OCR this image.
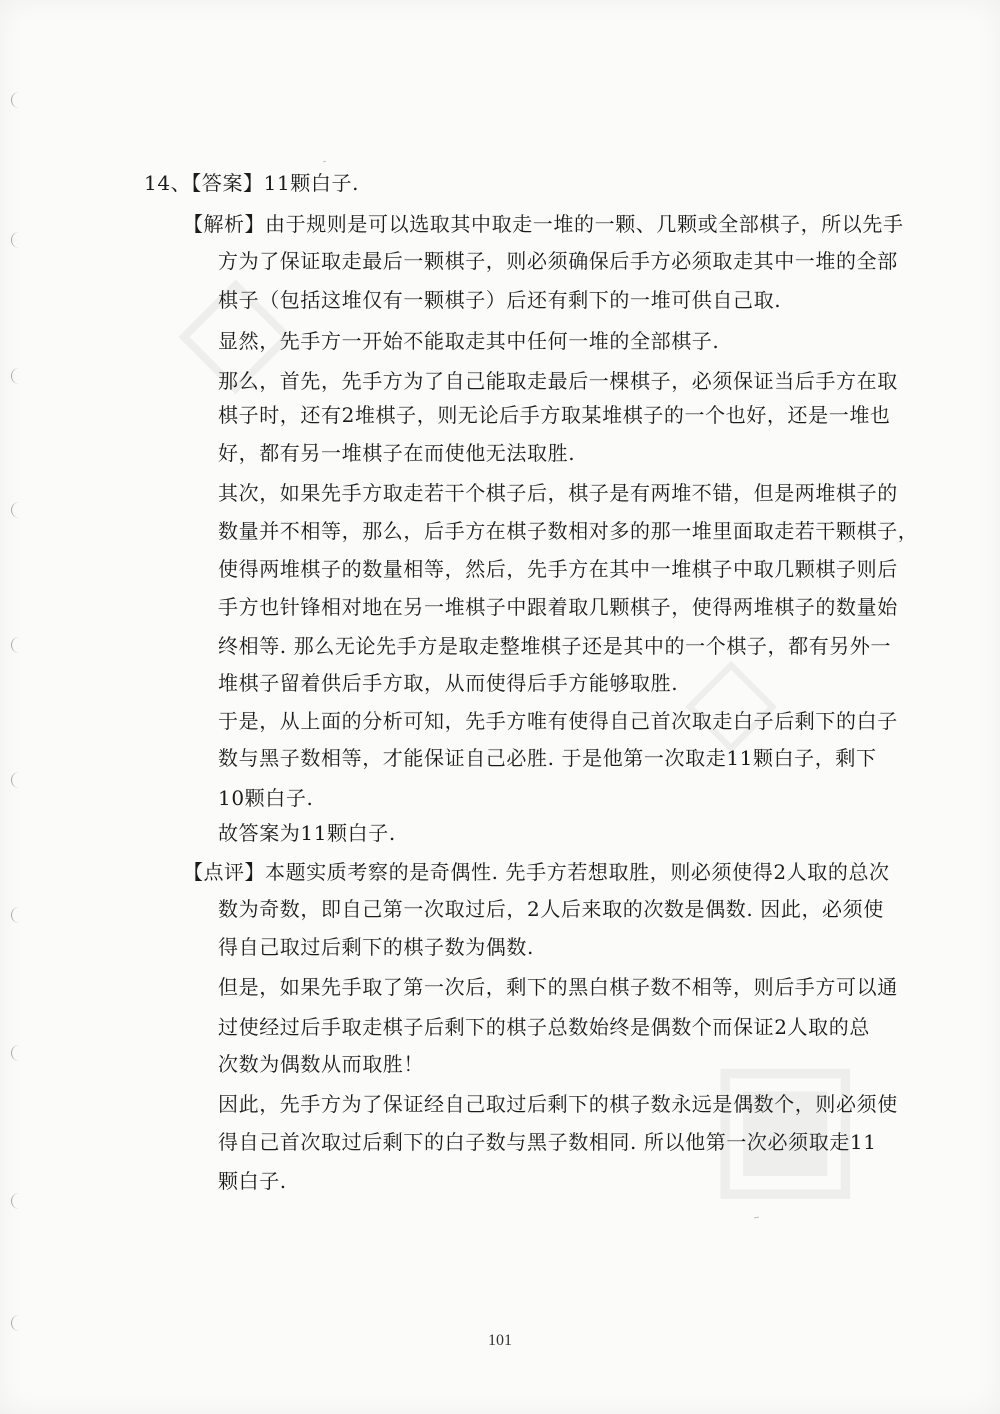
◇
◇
▣
14、【答案】11颗白子.
【解析】由于规则是可以选取其中取走一堆的一颗、几颗或全部棋子，所以先手
方为了保证取走最后一颗棋子，则必须确保后手方必须取走其中一堆的全部
棋子（包括这堆仅有一颗棋子）后还有剩下的一堆可供自己取.
显然，先手方一开始不能取走其中任何一堆的全部棋子.
那么，首先，先手方为了自己能取走最后一棵棋子，必须保证当后手方在取
棋子时，还有2堆棋子，则无论后手方取某堆棋子的一个也好，还是一堆也
好，都有另一堆棋子在而使他无法取胜.
其次，如果先手方取走若干个棋子后，棋子是有两堆不错，但是两堆棋子的
数量并不相等，那么，后手方在棋子数相对多的那一堆里面取走若干颗棋子，
使得两堆棋子的数量相等，然后，先手方在其中一堆棋子中取几颗棋子则后
手方也针锋相对地在另一堆棋子中跟着取几颗棋子，使得两堆棋子的数量始
终相等. 那么无论先手方是取走整堆棋子还是其中的一个棋子，都有另外一
堆棋子留着供后手方取，从而使得后手方能够取胜.
于是，从上面的分析可知，先手方唯有使得自己首次取走白子后剩下的白子
数与黑子数相等，才能保证自己必胜. 于是他第一次取走11颗白子，剩下
10颗白子.
故答案为11颗白子.
【点评】本题实质考察的是奇偶性. 先手方若想取胜，则必须使得2人取的总次
数为奇数，即自己第一次取过后，2人后来取的次数是偶数. 因此，必须使
得自己取过后剩下的棋子数为偶数.
但是，如果先手取了第一次后，剩下的黑白棋子数不相等，则后手方可以通
过使经过后手取走棋子后剩下的棋子总数始终是偶数个而保证2人取的总
次数为偶数从而取胜！
因此，先手方为了保证经自己取过后剩下的棋子数永远是偶数个，则必须使
得自己首次取过后剩下的白子数与黑子数相同. 所以他第一次必须取走11
颗白子.
101
